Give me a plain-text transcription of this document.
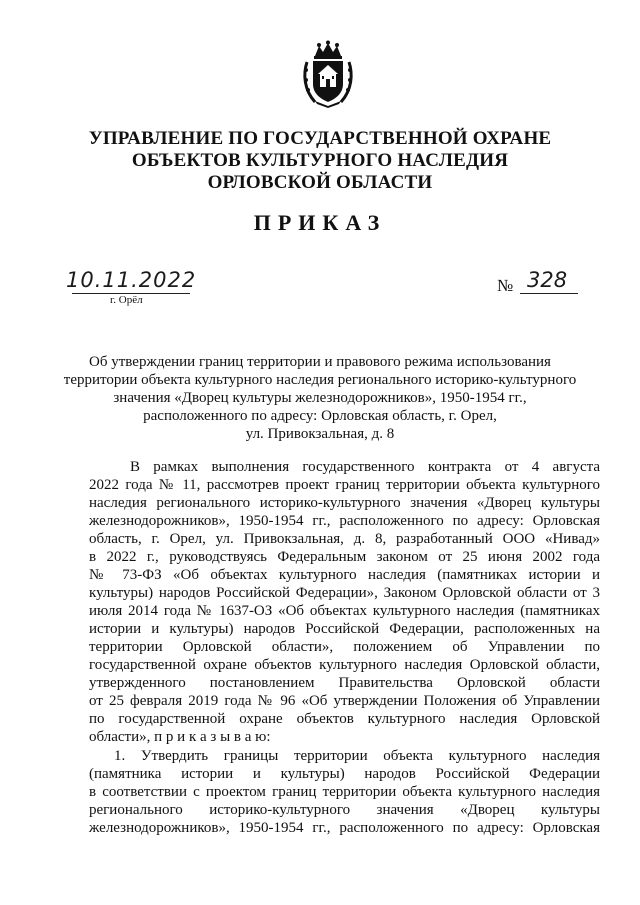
УПРАВЛЕНИЕ ПО ГОСУДАРСТВЕННОЙ ОХРАНЕ
ОБЪЕКТОВ КУЛЬТУРНОГО НАСЛЕДИЯ
ОРЛОВСКОЙ ОБЛАСТИ
ПРИКАЗ
10.11.2022
г. Орёл
№ 328
Об утверждении границ территории и правового режима использования
территории объекта культурного наследия регионального историко-культурного
значения «Дворец культуры железнодорожников», 1950-1954 гг.,
расположенного по адресу: Орловская область, г. Орел,
ул. Привокзальная, д. 8
В рамках выполнения государственного контракта от 4 августа
2022 года № 11, рассмотрев проект границ территории объекта культурного
наследия регионального историко-культурного значения «Дворец культуры
железнодорожников», 1950-1954 гг., расположенного по адресу: Орловская
область, г. Орел, ул. Привокзальная, д. 8, разработанный ООО «Нивад»
в 2022 г., руководствуясь Федеральным законом от 25 июня 2002 года
№ 73-ФЗ «Об объектах культурного наследия (памятниках истории и
культуры) народов Российской Федерации», Законом Орловской области от 3
июля 2014 года № 1637-ОЗ «Об объектах культурного наследия (памятниках
истории и культуры) народов Российской Федерации, расположенных на
территории Орловской области», положением об Управлении по
государственной охране объектов культурного наследия Орловской области,
утвержденного постановлением Правительства Орловской области
от 25 февраля 2019 года № 96 «Об утверждении Положения об Управлении
по государственной охране объектов культурного наследия Орловской
области», п р и к а з ы в а ю:
1. Утвердить границы территории объекта культурного наследия
(памятника истории и культуры) народов Российской Федерации
в соответствии с проектом границ территории объекта культурного наследия
регионального историко-культурного значения «Дворец культуры
железнодорожников», 1950-1954 гг., расположенного по адресу: Орловская
